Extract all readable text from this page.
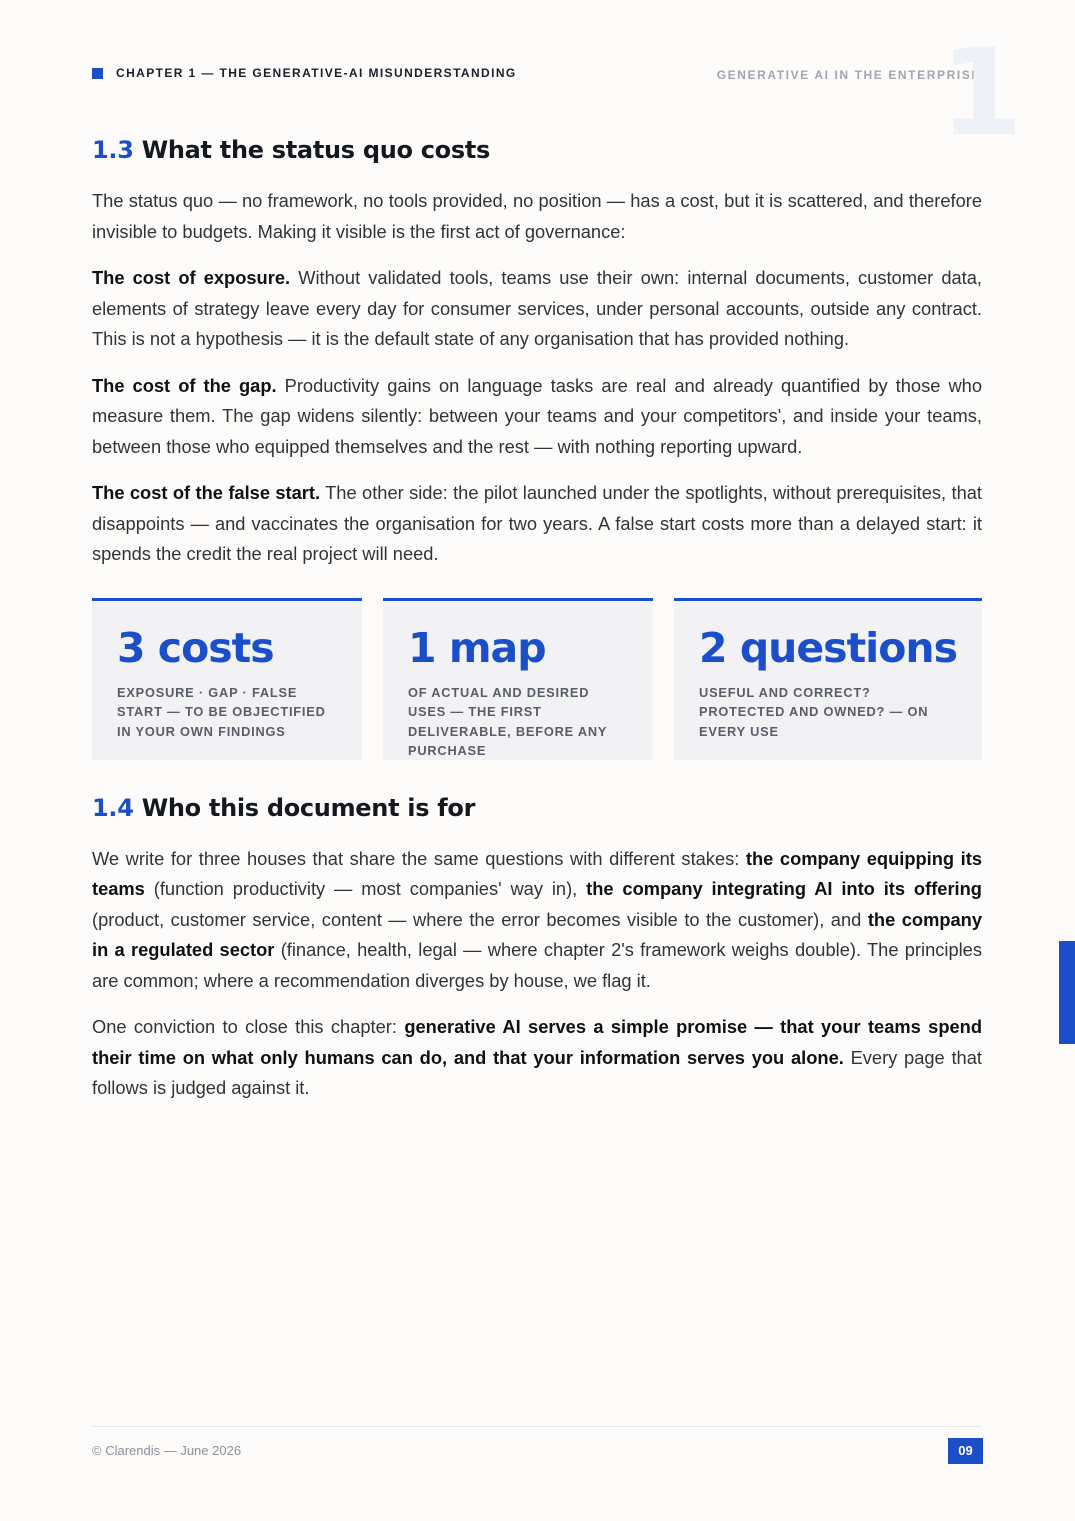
CHAPTER 1 — THE GENERATIVE-AI MISUNDERSTANDING	GENERATIVE AI IN THE ENTERPRISE
1
1.3 What the status quo costs

The status quo — no framework, no tools provided, no position — has a cost, but it is scattered, and therefore invisible to budgets. Making it visible is the first act of governance:

The cost of exposure. Without validated tools, teams use their own: internal documents, customer data, elements of strategy leave every day for consumer services, under personal accounts, outside any contract. This is not a hypothesis — it is the default state of any organisation that has provided nothing.

The cost of the gap. Productivity gains on language tasks are real and already quantified by those who measure them. The gap widens silently: between your teams and your competitors', and inside your teams, between those who equipped themselves and the rest — with nothing reporting upward.

The cost of the false start. The other side: the pilot launched under the spotlights, without prerequisites, that disappoints — and vaccinates the organisation for two years. A false start costs more than a delayed start: it spends the credit the real project will need.

3 costs
EXPOSURE · GAP · FALSE START — TO BE OBJECTIFIED IN YOUR OWN FINDINGS
1 map
OF ACTUAL AND DESIRED USES — THE FIRST DELIVERABLE, BEFORE ANY PURCHASE
2 questions
USEFUL AND CORRECT? PROTECTED AND OWNED? — ON EVERY USE
1.4 Who this document is for

We write for three houses that share the same questions with different stakes: the company equipping its teams (function productivity — most companies' way in), the company integrating AI into its offering (product, customer service, content — where the error becomes visible to the customer), and the company in a regulated sector (finance, health, legal — where chapter 2's framework weighs double). The principles are common; where a recommendation diverges by house, we flag it.

One conviction to close this chapter: generative AI serves a simple promise — that your teams spend their time on what only humans can do, and that your information serves you alone. Every page that follows is judged against it.

© Clarendis — June 2026	09
